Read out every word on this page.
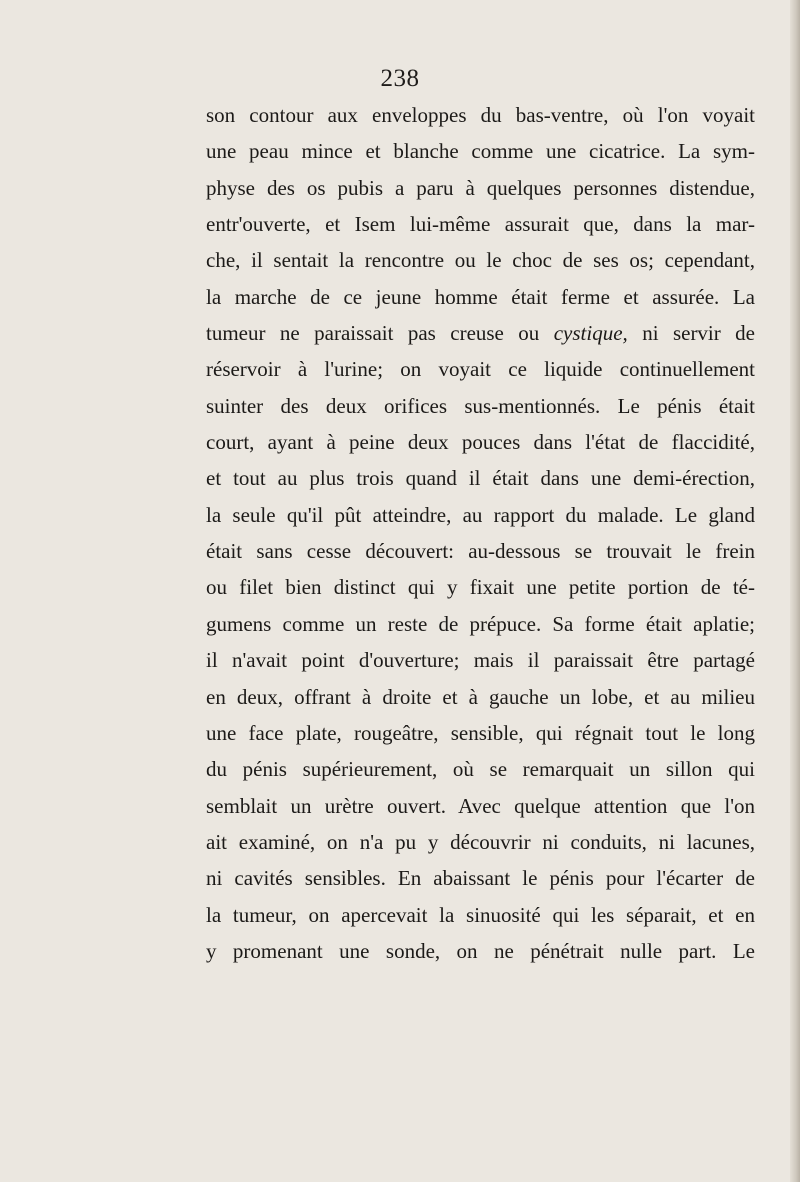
238
son contour aux enveloppes du bas-ventre, où l'on voyait
une peau mince et blanche comme une cicatrice. La sym-
physe des os pubis a paru à quelques personnes distendue,
entr'ouverte, et Isem lui-même assurait que, dans la mar-
che, il sentait la rencontre ou le choc de ses os; cependant,
la marche de ce jeune homme était ferme et assurée. La
tumeur ne paraissait pas creuse ou cystique, ni servir de
réservoir à l'urine; on voyait ce liquide continuellement
suinter des deux orifices sus-mentionnés. Le pénis était
court, ayant à peine deux pouces dans l'état de flaccidité,
et tout au plus trois quand il était dans une demi-érection,
la seule qu'il pût atteindre, au rapport du malade. Le gland
était sans cesse découvert: au-dessous se trouvait le frein
ou filet bien distinct qui y fixait une petite portion de té-
gumens comme un reste de prépuce. Sa forme était aplatie;
il n'avait point d'ouverture; mais il paraissait être partagé
en deux, offrant à droite et à gauche un lobe, et au milieu
une face plate, rougeâtre, sensible, qui régnait tout le long
du pénis supérieurement, où se remarquait un sillon qui
semblait un urètre ouvert. Avec quelque attention que l'on
ait examiné, on n'a pu y découvrir ni conduits, ni lacunes,
ni cavités sensibles. En abaissant le pénis pour l'écarter de
la tumeur, on apercevait la sinuosité qui les séparait, et en
y promenant une sonde, on ne pénétrait nulle part. Le
